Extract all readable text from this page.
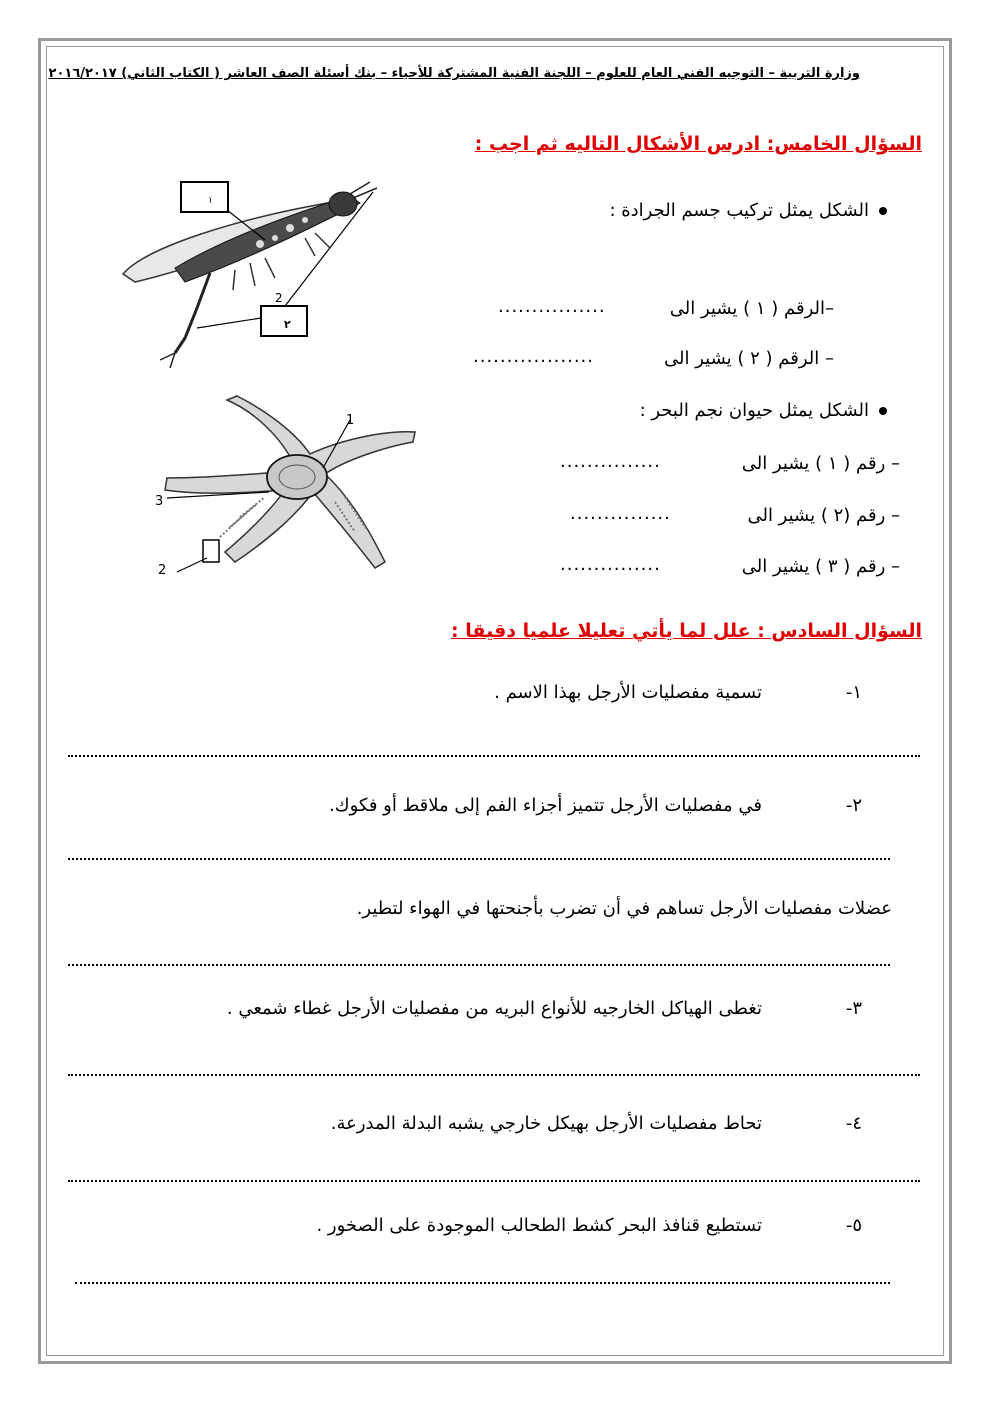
وزارة التربية – التوجيه الفني العام للعلوم – اللجنة الفنية المشتركة للأحياء – بنك أسئلة الصف العاشر ( الكتاب الثاني) ٢٠١٦/٢٠١٧
السؤال الخامس: ادرس الأشكال التاليه ثم اجب :
١
٢
2
الشكل يمثل تركيب جسم الجرادة :
–الرقم ( ١ ) يشير الى
................
– الرقم ( ٢ ) يشير الى
..................
1
3
2
الشكل يمثل حيوان نجم البحر :
– رقم ( ١ ) يشير الى
...............
– رقم (٢ ) يشير الى
...............
– رقم ( ٣ ) يشير الى
...............
السؤال السادس : علل لما يأتي تعليلا علميا دقيقا :
١-
تسمية مفصليات الأرجل بهذا الاسم .
٢-
في مفصليات الأرجل تتميز أجزاء الفم إلى ملاقط أو فكوك.
عضلات مفصليات الأرجل تساهم في أن تضرب بأجنحتها في الهواء لتطير.
٣-
تغطى الهياكل الخارجيه للأنواع البريه من مفصليات الأرجل غطاء شمعي .
٤-
تحاط مفصليات الأرجل بهيكل خارجي يشبه البدلة المدرعة.
٥-
تستطيع قنافذ البحر كشط الطحالب الموجودة على الصخور .
